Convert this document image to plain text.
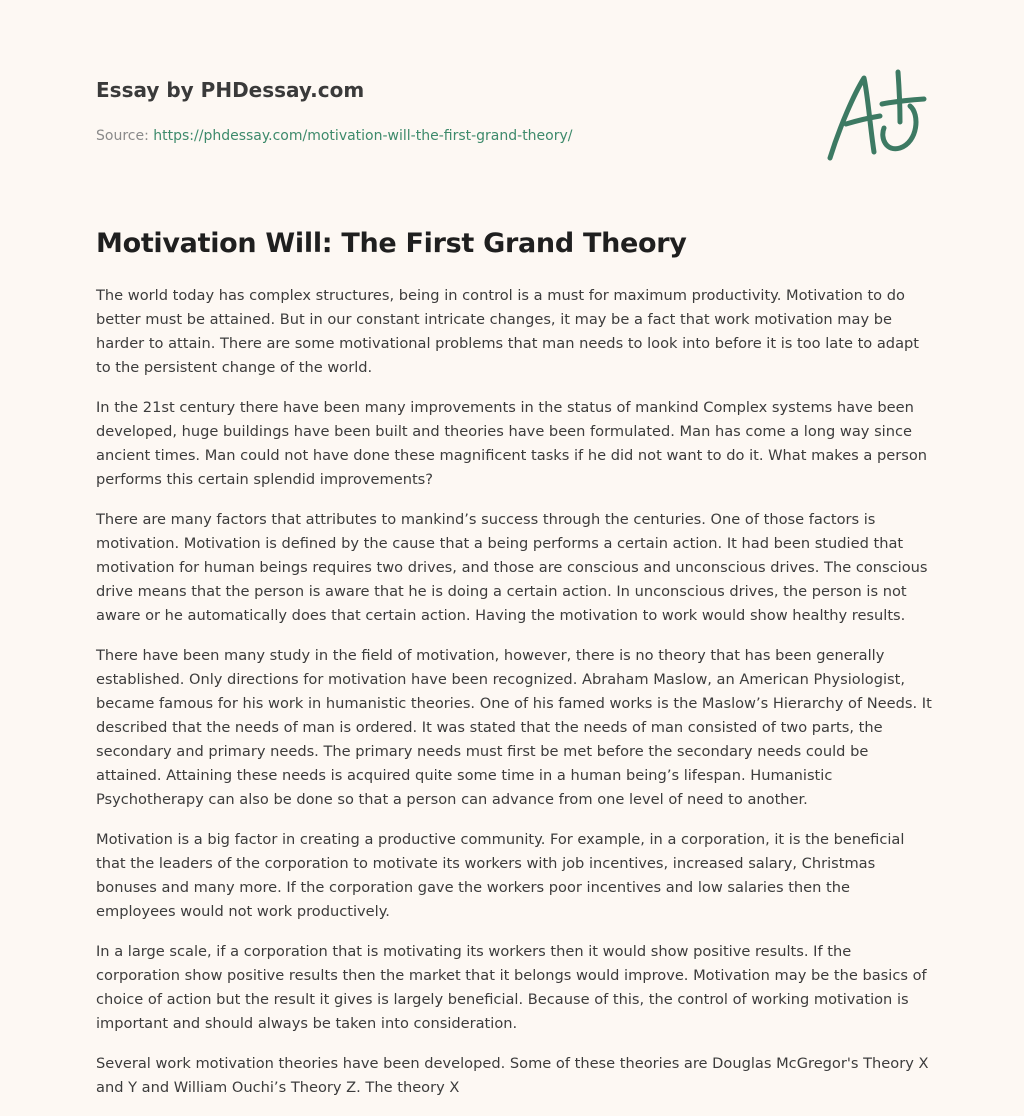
Essay by PHDessay.com
Source: https://phdessay.com/motivation-will-the-first-grand-theory/
Motivation Will: The First Grand Theory

The world today has complex structures, being in control is a must for maximum productivity. Motivation to do better must be attained. But in our constant intricate changes, it may be a fact that work motivation may be harder to attain. There are some motivational problems that man needs to look into before it is too late to adapt to the persistent change of the world.

In the 21st century there have been many improvements in the status of mankind Complex systems have been developed, huge buildings have been built and theories have been formulated. Man has come a long way since ancient times. Man could not have done these magnificent tasks if he did not want to do it. What makes a person performs this certain splendid improvements?

There are many factors that attributes to mankind’s success through the centuries. One of those factors is motivation. Motivation is defined by the cause that a being performs a certain action. It had been studied that motivation for human beings requires two drives, and those are conscious and unconscious drives. The conscious drive means that the person is aware that he is doing a certain action. In unconscious drives, the person is not aware or he automatically does that certain action. Having the motivation to work would show healthy results.

There have been many study in the field of motivation, however, there is no theory that has been generally established. Only directions for motivation have been recognized. Abraham Maslow, an American Physiologist, became famous for his work in humanistic theories. One of his famed works is the Maslow’s Hierarchy of Needs. It described that the needs of man is ordered. It was stated that the needs of man consisted of two parts, the secondary and primary needs. The primary needs must first be met before the secondary needs could be attained. Attaining these needs is acquired quite some time in a human being’s lifespan. Humanistic Psychotherapy can also be done so that a person can advance from one level of need to another.

Motivation is a big factor in creating a productive community. For example, in a corporation, it is the beneficial that the leaders of the corporation to motivate its workers with job incentives, increased salary, Christmas bonuses and many more. If the corporation gave the workers poor incentives and low salaries then the employees would not work productively.

In a large scale, if a corporation that is motivating its workers then it would show positive results. If the corporation show positive results then the market that it belongs would improve. Motivation may be the basics of choice of action but the result it gives is largely beneficial. Because of this, the control of working motivation is important and should always be taken into consideration.

Several work motivation theories have been developed. Some of these theories are Douglas McGregor's Theory X and Y and William Ouchi’s Theory Z. The theory X
